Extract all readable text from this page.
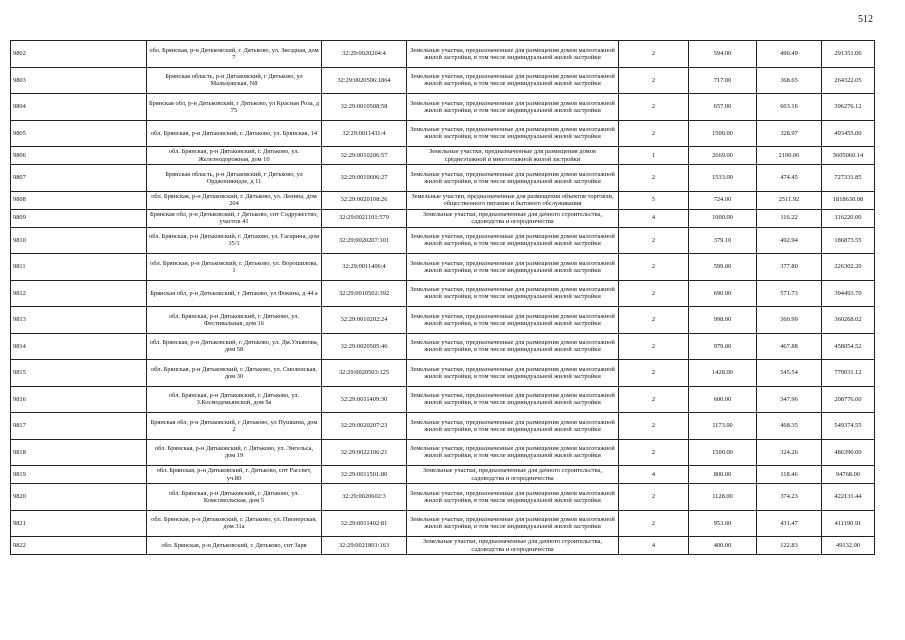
512
9802	обл. Брянская, р-н Дятьковский, г. Дятьково, ул. Звездная, дом 7	32:29:0020204:4	Земельные участки, предназначенные для размещения домов малоэтажной жилой застройки, в том числе индивидуальной жилой застройки	2	594.00	490.49	291351.06
9803	Брянская область, р-н Дятьковский, г Дятьково, ул Мальцовская, N8	32:29:0020506:1864	Земельные участки, предназначенные для размещения домов малоэтажной жилой застройки, в том числе индивидуальной жилой застройки	2	717.00	368.65	264322.05
9804	Брянская обл, р-н Дятьковский, г Дятьково, ул Красная Роза, д 75	32:29:0010508:58	Земельные участки, предназначенные для размещения домов малоэтажной жилой застройки, в том числе индивидуальной жилой застройки	2	657.00	603.16	396276.12
9805	обл. Брянская, р-н Дятьковский, г. Дятьково, ул. Брянская, 14	32:29:0011411:4	Земельные участки, предназначенные для размещения домов малоэтажной жилой застройки, в том числе индивидуальной жилой застройки	2	1500.00	328.97	493455.00
9806	обл. Брянская, р-н Дятьковский, г. Дятьково, ул. Железнодорожная, дом 10	32:29:0010206:57	Земельные участки, предназначенные для размещения домов среднеэтажной и многоэтажной жилой застройки	1	2669.00	2100.06	5605060.14
9807	Брянская область, р-н Дятьковский, г Дятьково, ул Орджоникидзе, д 11	32:29:0010606:27	Земельные участки, предназначенные для размещения домов малоэтажной жилой застройки, в том числе индивидуальной жилой застройки	2	1533.00	474.45	727331.85
9808	обл. Брянская, р-н Дятьковский, г. Дятьково, ул. Ленина, дом 204	32:29:0020108:26	Земельные участки, предназначенные для размещения объектов торговли, общественного питания и бытового обслуживания	5	724.00	2511.92	1818630.08
9809	Брянская обл, р-н Дятьковский, г Дятьково, снт Содружество, участок 41	32:29:0021101:579	Земельные участки, предназначенные для дачного строительства, садоводства и огородничества	4	1000.00	116.22	116220.00
9810	обл. Брянская, р-н Дятьковский, г. Дятьково, ул. Гагарина, дом 35/1	32:29:0020207:101	Земельные участки, предназначенные для размещения домов малоэтажной жилой застройки, в том числе индивидуальной жилой застройки	2	379.10	492.94	186873.55
9811	обл. Брянская, р-н Дятьковский, г. Дятьково, ул. Ворошилова, 1	32:29:0011406:4	Земельные участки, предназначенные для размещения домов малоэтажной жилой застройки, в том числе индивидуальной жилой застройки	2	599.00	377.80	226302.20
9812	Брянская обл, р-н Дятьковский, г Дятьково, ул Фокина, д 44 а	32:29:0010502:392	Земельные участки, предназначенные для размещения домов малоэтажной жилой застройки, в том числе индивидуальной жилой застройки	2	690.00	571.73	394493.70
9813	обл. Брянская, р-н Дятьковский, г. Дятьково, ул. Фестивальная, дом 16	32:29:0010202:24	Земельные участки, предназначенные для размещения домов малоэтажной жилой застройки, в том числе индивидуальной жилой застройки	2	998.00	360.99	360268.02
9814	обл. Брянская, р-н Дятьковский, г. Дятьково, ул. Дм.Ульянова, дом 58	32:29:0020505:46	Земельные участки, предназначенные для размещения домов малоэтажной жилой застройки, в том числе индивидуальной жилой застройки	2	979.00	467.88	458054.52
9815	обл. Брянская, р-н Дятьковский, г. Дятьково, ул. Смоленская, дом 30	32:29:0020503:125	Земельные участки, предназначенные для размещения домов малоэтажной жилой застройки, в том числе индивидуальной жилой застройки	2	1428.00	545.54	779031.12
9816	обл. Брянская, р-н Дятьковский, г. Дятьково, ул. З.Космодемьянской, дом 9а	32:29:0011409:30	Земельные участки, предназначенные для размещения домов малоэтажной жилой застройки, в том числе индивидуальной жилой застройки	2	600.00	347.96	208776.00
9817	Брянская обл, р-н Дятьковский, г Дятьково, ул Пушкина, дом 2	32:29:0020207:23	Земельные участки, предназначенные для размещения домов малоэтажной жилой застройки, в том числе индивидуальной жилой застройки	2	1173.00	468.35	549374.55
9818	обл. Брянская, р-н Дятьковский, г. Дятьково, ул. Энгельса, дом 19	32:29:0022106:21	Земельные участки, предназначенные для размещения домов малоэтажной жилой застройки, в том числе индивидуальной жилой застройки	2	1500.00	324.26	486390.00
9819	обл. Брянская, р-н Дятьковский, г. Дятьково, снт Рассвет, уч.80	32:29:0011501:80	Земельные участки, предназначенные для дачного строительства, садоводства и огородничества	4	800.00	118.46	94768.00
9820	обл. Брянская, р-н Дятьковский, г. Дятьково, ул. Комсомольская, дом 5	32:29:0020602:3	Земельные участки, предназначенные для размещения домов малоэтажной жилой застройки, в том числе индивидуальной жилой застройки	2	1128.00	374.23	422131.44
9821	обл. Брянская, р-н Дятьковский, г. Дятьково, ул. Пионерская, дом 31а	32:29:0011402:81	Земельные участки, предназначенные для размещения домов малоэтажной жилой застройки, в том числе индивидуальной жилой застройки	2	953.00	431.47	411190.91
9822	обл. Брянская, р-н Дятьковский, г. Дятьково, снт Заря	32:29:0021801:163	Земельные участки, предназначенные для дачного строительства, садоводства и огородничества	4	400.00	122.83	49132.00
